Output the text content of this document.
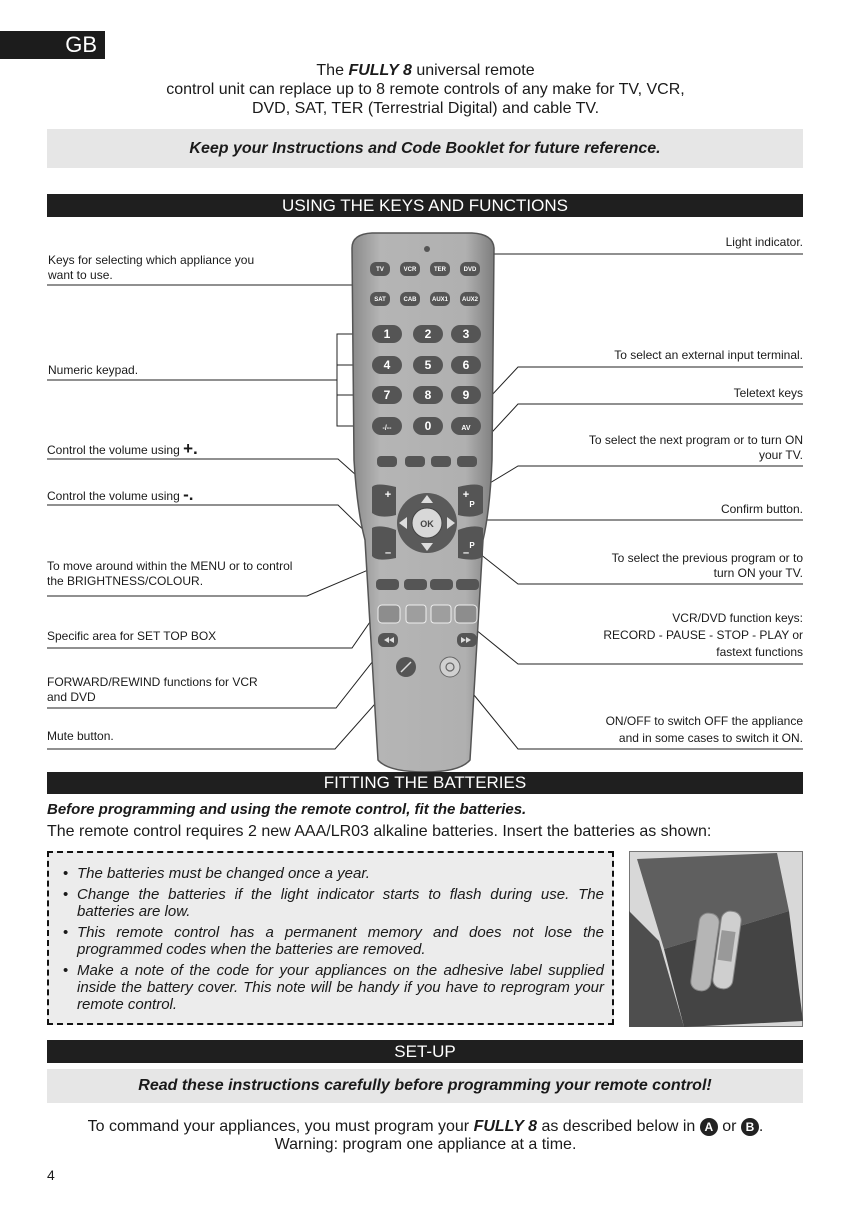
GB
The FULLY 8 universal remote
control unit can replace up to 8 remote controls of any make for TV, VCR,
DVD, SAT, TER (Terrestrial Digital) and cable TV.
Keep your Instructions and Code Booklet for future reference.
USING THE KEYS AND FUNCTIONS
TV	VCR	TER	DVD
SAT	CAB	AUX1 AUX2
1	2	3
4	5	6
7	8	9
-/--	0	AV
OK
+
–
+
P
P
–
Keys for selecting which appliance you
want to use.
Numeric keypad.
Control the volume using +.
Control the volume using -.
To move around within the MENU or to control
the BRIGHTNESS/COLOUR.
Specific area for SET TOP BOX
FORWARD/REWIND functions for VCR
and DVD
Mute button.
Light indicator.
To select an external input terminal.
Teletext keys
To select the next program or to turn ON
your TV.
Confirm button.
To select the previous program or to
turn ON your TV.
VCR/DVD function keys:
RECORD - PAUSE - STOP - PLAY or
fastext functions
ON/OFF to switch OFF the appliance
and in some cases to switch it ON.
FITTING THE BATTERIES
Before programming and using the remote control, fit the batteries.
The remote control requires 2 new AAA/LR03 alkaline batteries. Insert the batteries as shown:
• The batteries must be changed once a year.
• Change the batteries if the light indicator starts to flash during use. The batteries are low.
• This remote control has a permanent memory and does not lose the programmed codes when the batteries are removed.
• Make a note of the code for your appliances on the adhesive label supplied inside the battery cover. This note will be handy if you have to reprogram your remote control.
SET-UP
Read these instructions carefully before programming your remote control!
To command your appliances, you must program your FULLY 8 as described below in A or B .
Warning: program one appliance at a time.
4
